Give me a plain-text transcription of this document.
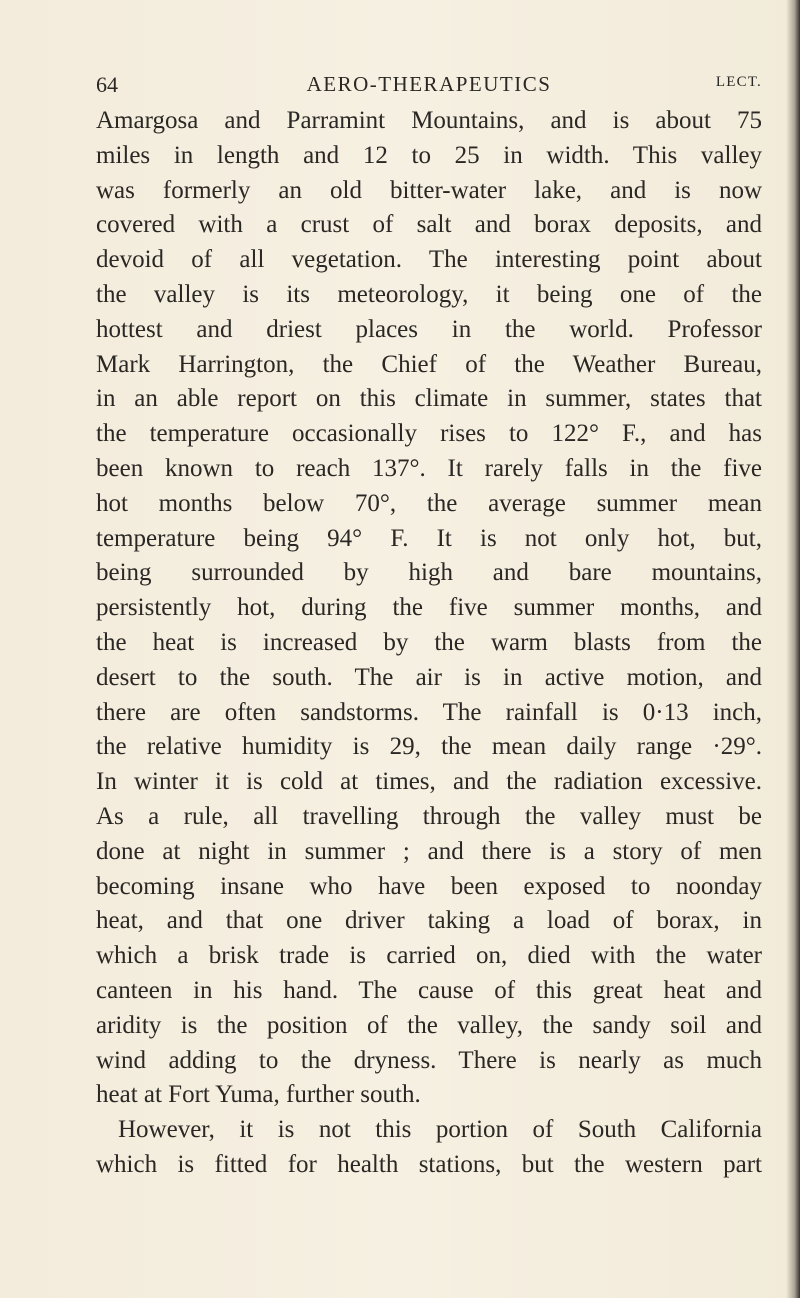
64	AERO-THERAPEUTICS	LECT.
Amargosa and Parramint Mountains, and is about 75
miles in length and 12 to 25 in width. This valley
was formerly an old bitter-water lake, and is now
covered with a crust of salt and borax deposits, and
devoid of all vegetation. The interesting point about
the valley is its meteorology, it being one of the
hottest and driest places in the world. Professor
Mark Harrington, the Chief of the Weather Bureau,
in an able report on this climate in summer, states that
the temperature occasionally rises to 122° F., and has
been known to reach 137°. It rarely falls in the five
hot months below 70°, the average summer mean
temperature being 94° F. It is not only hot, but,
being surrounded by high and bare mountains,
persistently hot, during the five summer months, and
the heat is increased by the warm blasts from the
desert to the south. The air is in active motion, and
there are often sandstorms. The rainfall is 0·13 inch,
the relative humidity is 29, the mean daily range ·29°.
In winter it is cold at times, and the radiation excessive.
As a rule, all travelling through the valley must be
done at night in summer ; and there is a story of men
becoming insane who have been exposed to noonday
heat, and that one driver taking a load of borax, in
which a brisk trade is carried on, died with the water
canteen in his hand. The cause of this great heat and
aridity is the position of the valley, the sandy soil and
wind adding to the dryness. There is nearly as much
heat at Fort Yuma, further south.
However, it is not this portion of South California
which is fitted for health stations, but the western part
